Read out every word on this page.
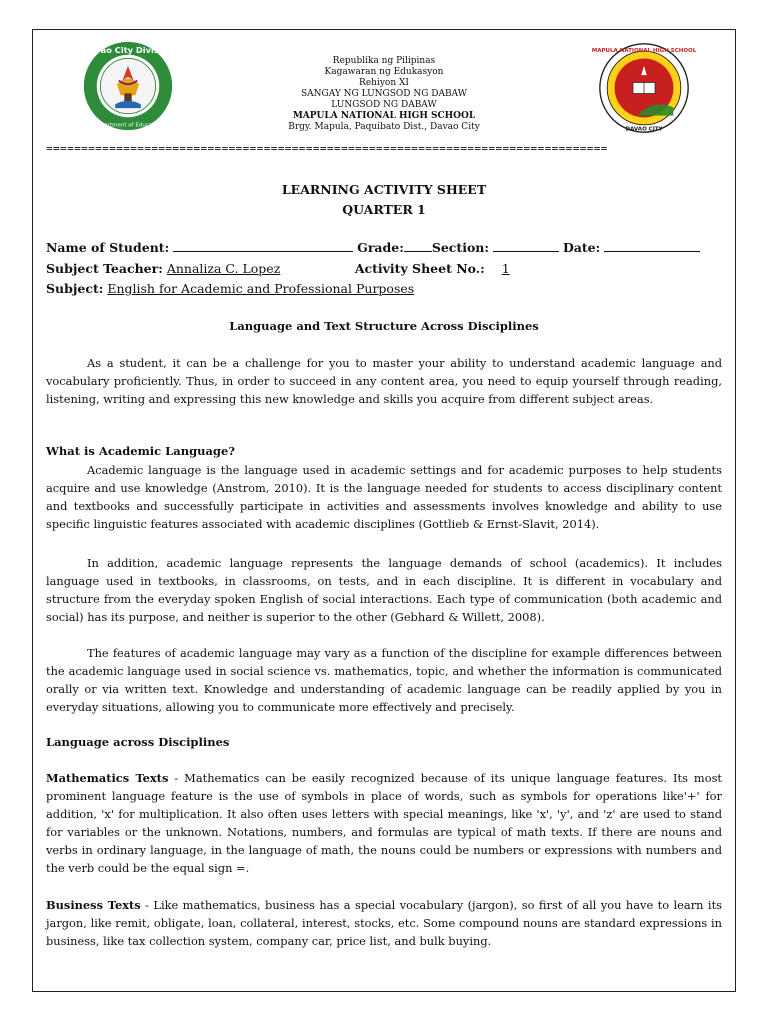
Davao City Division
Department of Education
MAPULA NATIONAL HIGH SCHOOL
DAVAO CITY
Republika ng Pilipinas
Kagawaran ng Edukasyon
Rehiyon XI
SANGAY NG LUNGSOD NG DABAW
LUNGSOD NG DABAW
MAPULA NATIONAL HIGH SCHOOL
Brgy. Mapula, Paquibato Dist., Davao City
================================================================================
LEARNING ACTIVITY SHEET
QUARTER 1
Name of Student:	Grade: Section:	Date:
Subject Teacher: Annaliza C. Lopez	Activity Sheet No.: 1
Subject: English for Academic and Professional Purposes
Language and Text Structure Across Disciplines
As a student, it can be a challenge for you to master your ability to understand academic language and vocabulary proficiently. Thus, in order to succeed in any content area, you need to equip yourself through reading, listening, writing and expressing this new knowledge and skills you acquire from different subject areas.
What is Academic Language?
Academic language is the language used in academic settings and for academic purposes to help students acquire and use knowledge (Anstrom, 2010). It is the language needed for students to access disciplinary content and textbooks and successfully participate in activities and assessments involves knowledge and ability to use specific linguistic features associated with academic disciplines (Gottlieb & Ernst-Slavit, 2014).
In addition, academic language represents the language demands of school (academics). It includes language used in textbooks, in classrooms, on tests, and in each discipline. It is different in vocabulary and structure from the everyday spoken English of social interactions. Each type of communication (both academic and social) has its purpose, and neither is superior to the other (Gebhard & Willett, 2008).
The features of academic language may vary as a function of the discipline for example differences between the academic language used in social science vs. mathematics, topic, and whether the information is communicated orally or via written text. Knowledge and understanding of academic language can be readily applied by you in everyday situations, allowing you to communicate more effectively and precisely.
Language across Disciplines
Mathematics Texts - Mathematics can be easily recognized because of its unique language features. Its most prominent language feature is the use of symbols in place of words, such as symbols for operations like'+' for addition, 'x' for multiplication. It also often uses letters with special meanings, like 'x', 'y', and 'z' are used to stand for variables or the unknown. Notations, numbers, and formulas are typical of math texts. If there are nouns and verbs in ordinary language, in the language of math, the nouns could be numbers or expressions with numbers and the verb could be the equal sign =.
Business Texts - Like mathematics, business has a special vocabulary (jargon), so first of all you have to learn its jargon, like remit, obligate, loan, collateral, interest, stocks, etc. Some compound nouns are standard expressions in business, like tax collection system, company car, price list, and bulk buying.
